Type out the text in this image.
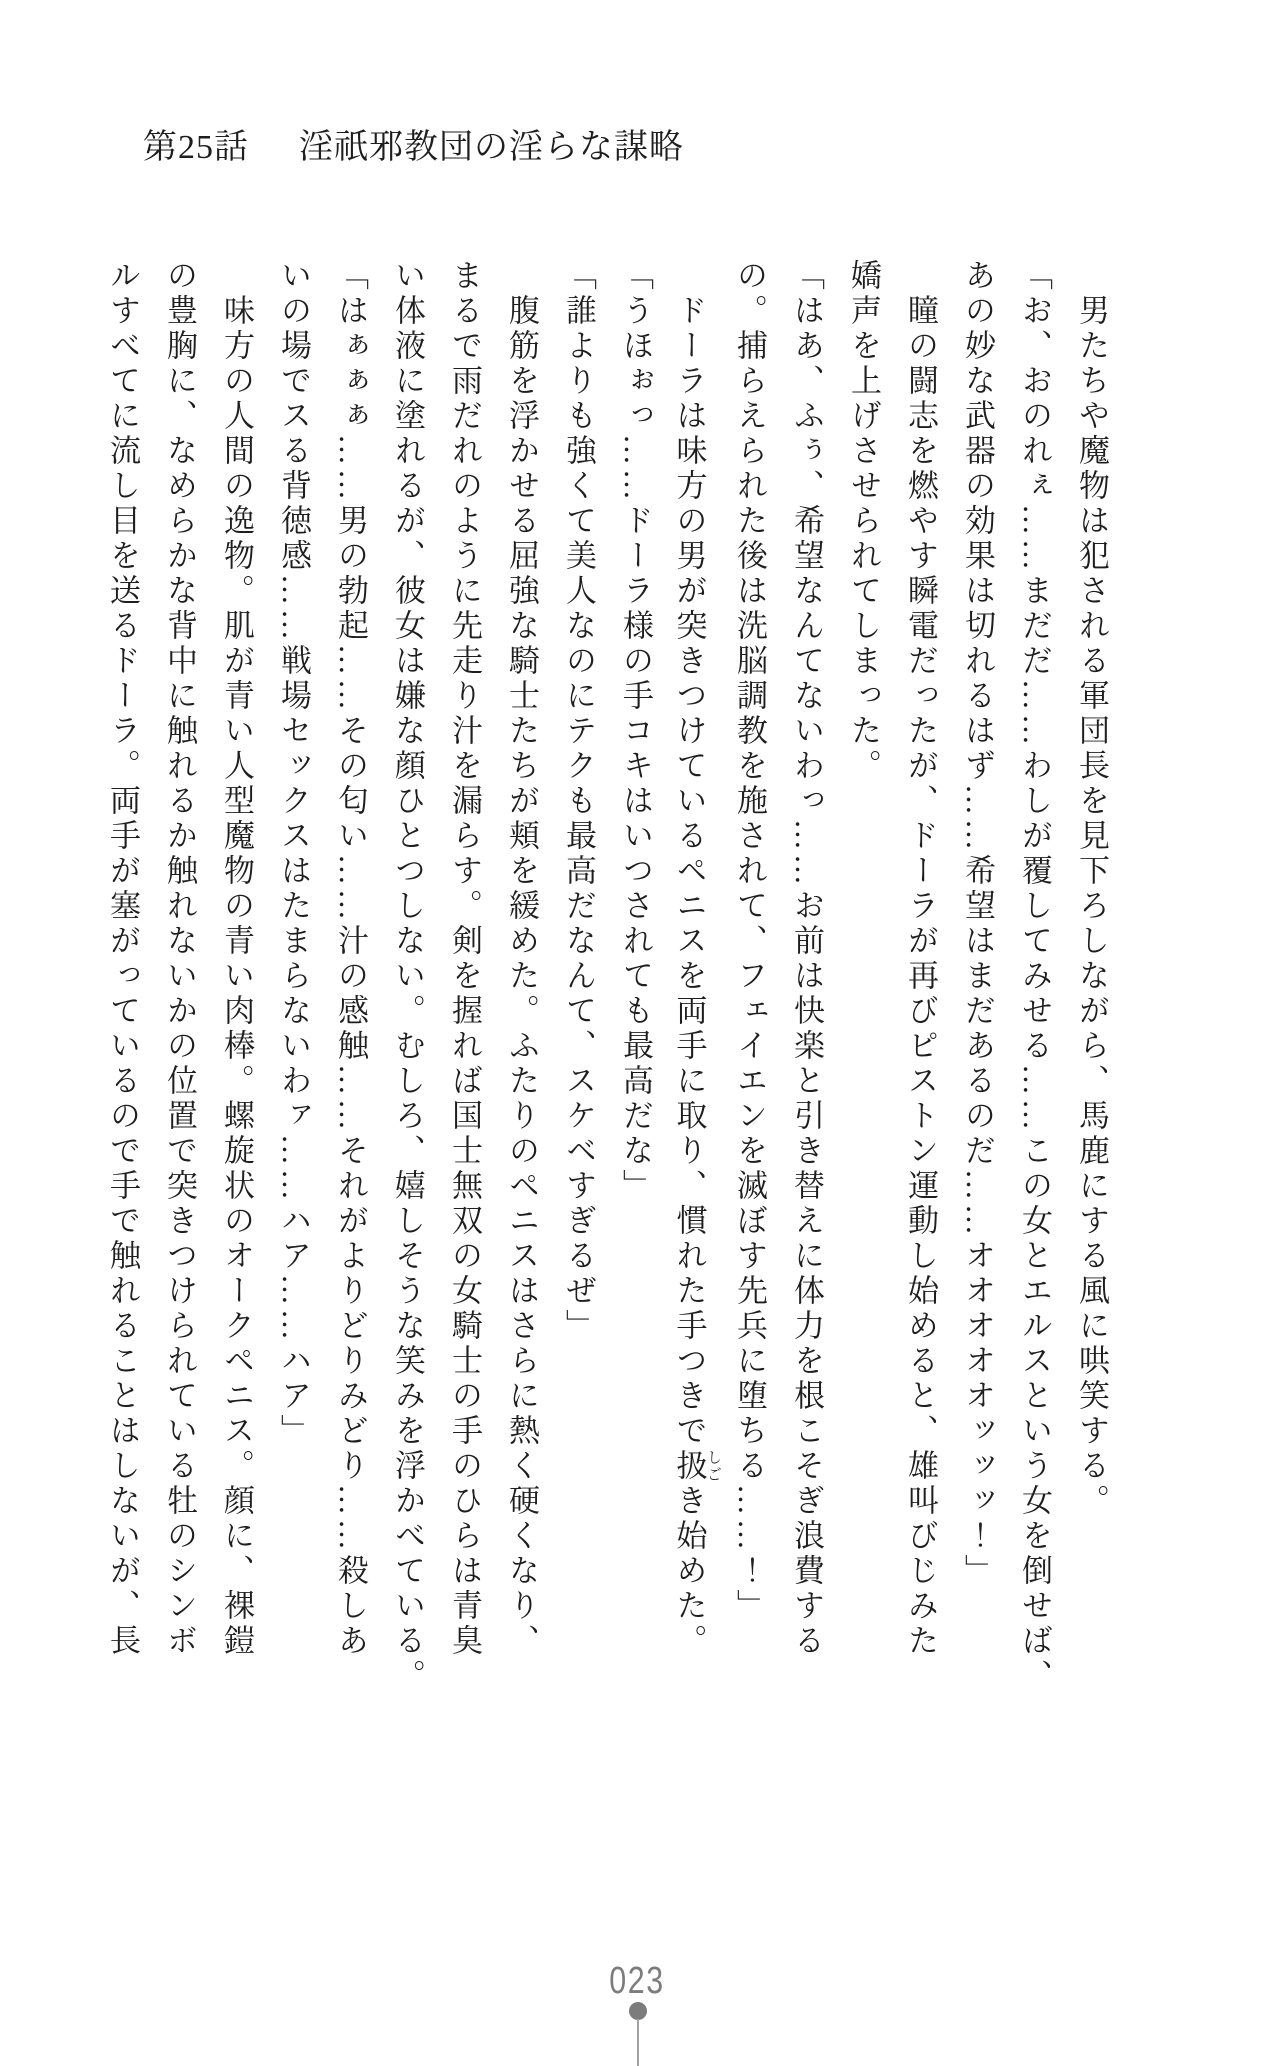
第25話 淫祇邪教団の淫らな謀略
　男たちや魔物は犯される軍団長を見下ろしながら、馬鹿にする風に哄笑する。
「お、おのれぇ……まだだ……わしが覆してみせる……この女とエルスという女を倒せば、
あの妙な武器の効果は切れるはず……希望はまだあるのだ……オオオオオッッッ！」
　瞳の闘志を燃やす瞬電だったが、ドーラが再びピストン運動し始めると、雄叫びじみた
嬌声を上げさせられてしまった。
「はあ、ふぅ、希望なんてないわっ……お前は快楽と引き替えに体力を根こそぎ浪費する
の。捕らえられた後は洗脳調教を施されて、フェイエンを滅ぼす先兵に堕ちる……！」
　ドーラは味方の男が突きつけているペニスを両手に取り、慣れた手つきで扱しごき始めた。
「うほぉっ……ドーラ様の手コキはいつされても最高だな」
「誰よりも強くて美人なのにテクも最高だなんて、スケベすぎるぜ」
　腹筋を浮かせる屈強な騎士たちが頬を緩めた。ふたりのペニスはさらに熱く硬くなり、
まるで雨だれのように先走り汁を漏らす。剣を握れば国士無双の女騎士の手のひらは青臭
い体液に塗れるが、彼女は嫌な顔ひとつしない。むしろ、嬉しそうな笑みを浮かべている。
「はぁぁぁ……男の勃起……その匂い……汁の感触……それがよりどりみどり……殺しあ
いの場でスる背徳感……戦場セックスはたまらないわァ……ハア……ハア」
　味方の人間の逸物。肌が青い人型魔物の青い肉棒。螺旋状のオークペニス。顔に、裸鎧
の豊胸に、なめらかな背中に触れるか触れないかの位置で突きつけられている牡のシンボ
ルすべてに流し目を送るドーラ。両手が塞がっているので手で触れることはしないが、長
023
